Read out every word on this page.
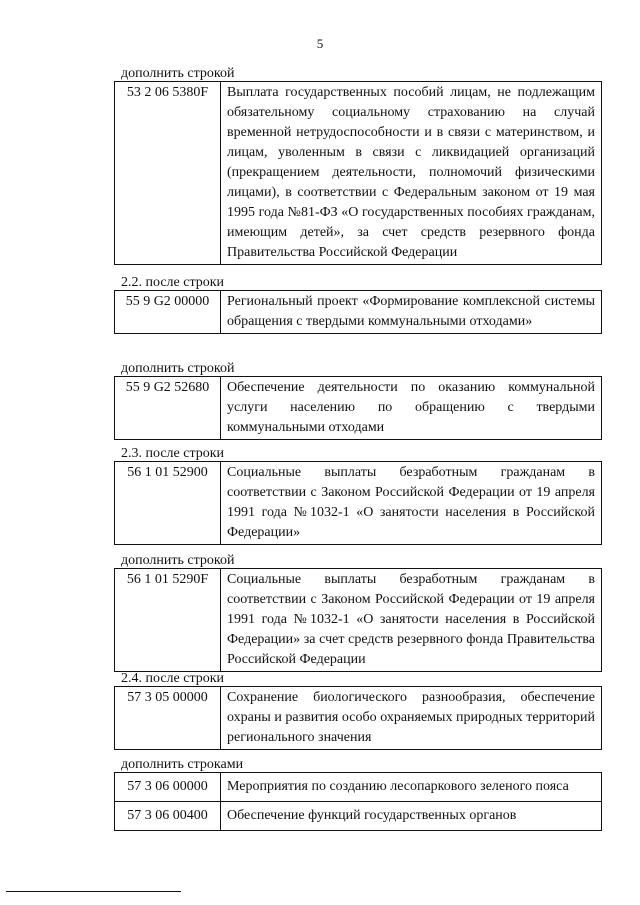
5
дополнить строкой
53 2 06 5380F	Выплата государственных пособий лицам, не подлежащим обязательному социальному страхованию на случай временной нетрудоспособности и в связи с материнством, и лицам, уволенным в связи с ликвидацией организаций (прекращением деятельности, полномочий физическими лицами), в соответствии с Федеральным законом от 19 мая 1995 года №81-ФЗ «О государственных пособиях гражданам, имеющим детей», за счет средств резервного фонда Правительства Российской Федерации
2.2. после строки
55 9 G2 00000	Региональный проект «Формирование комплексной системы обращения с твердыми коммунальными отходами»
дополнить строкой
55 9 G2 52680	Обеспечение деятельности по оказанию коммунальной услуги населению по обращению с твердыми коммунальными отходами
2.3. после строки
56 1 01 52900	Социальные выплаты безработным гражданам в соответствии с Законом Российской Федерации от 19 апреля 1991 года №1032-1 «О занятости населения в Российской Федерации»
дополнить строкой
56 1 01 5290F	Социальные выплаты безработным гражданам в соответствии с Законом Российской Федерации от 19 апреля 1991 года №1032-1 «О занятости населения в Российской Федерации» за счет средств резервного фонда Правительства Российской Федерации
2.4. после строки
57 3 05 00000	Сохранение биологического разнообразия, обеспечение охраны и развития особо охраняемых природных территорий регионального значения
дополнить строками
57 3 06 00000	Мероприятия по созданию лесопаркового зеленого пояса
57 3 06 00400	Обеспечение функций государственных органов
